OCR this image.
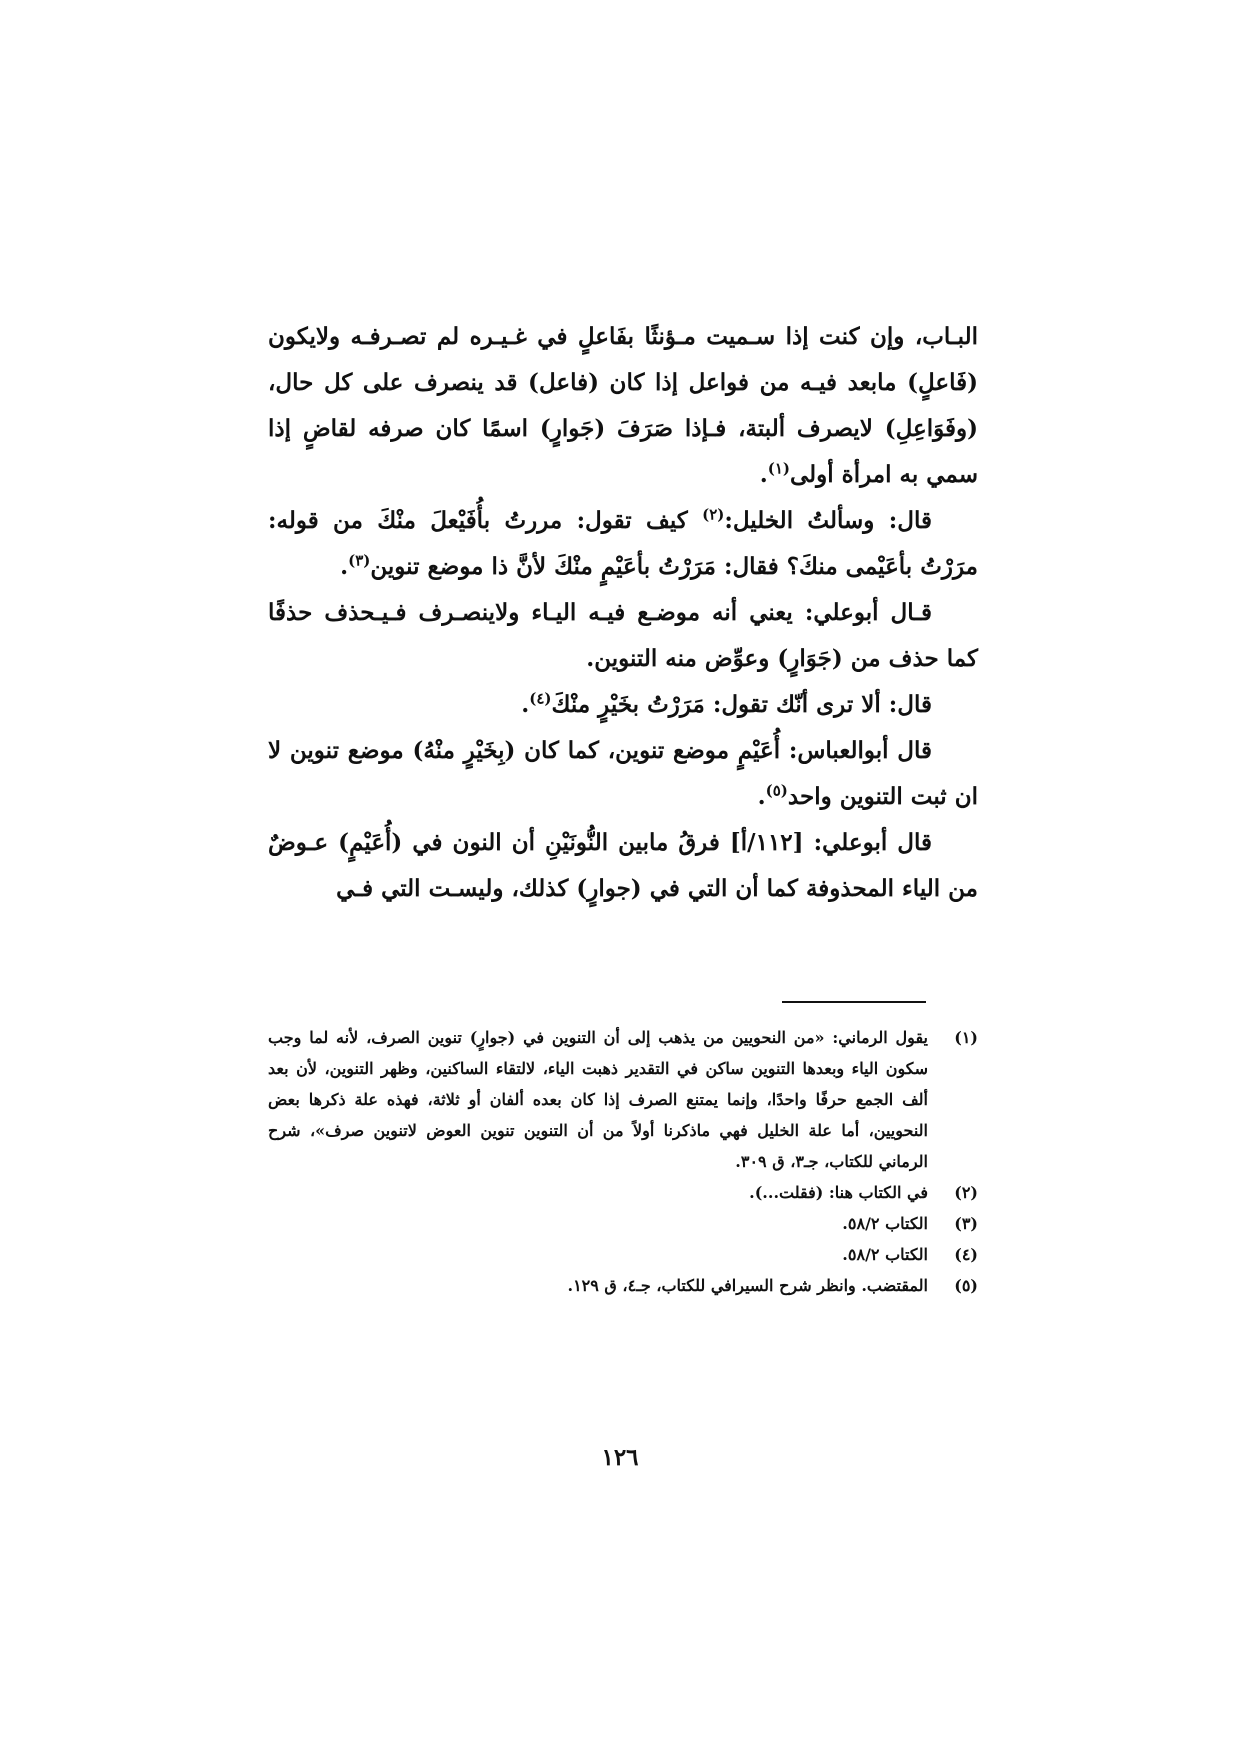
البـاب، وإن كنت إذا سـميت مـؤنثًا بفَاعلٍ في غـيـره لم تصـرفـه ولايكون (فَاعلٍ) مابعد فيـه من فواعل إذا كان (فاعل) قد ينصرف على كل حال، (وفَوَاعِلِ) لايصرف ألبتة، فـإذا صَرَفَ (جَوارٍ) اسمًا كان صرفه لقاضٍ إذا سمي به امرأة أولى$^{(١)}$.

قال: وسألتُ الخليل:$^{(٢)}$ كيف تقول: مررتُ بأُفَيْعلَ منْكَ من قوله: مرَرْتُ بأعَيْمى منكَ؟ فقال: مَرَرْتُ بأعَيْمٍ منْكَ لأنَّ ذا موضع تنوين$^{(٣)}$.

قـال أبوعلي: يعني أنه موضـع فيـه اليـاء ولاينصـرف فـيـحذف حذفًا كما حذف من (جَوَارٍ) وعوِّض منه التنوين.

قال: ألا ترى أنّك تقول: مَرَرْتُ بخَيْرٍ منْكَ$^{(٤)}$.

قال أبوالعباس: أُعَيْمٍ موضع تنوين، كما كان (بِخَيْرٍ منْهُ) موضع تنوين لا ان ثبت التنوين واحد$^{(٥)}$.

قال أبوعلي: [١١٢/أ] فرقُ مابين النُّونَيْنِ أن النون في (أُعَيْمٍ) عـوضٌ من الياء المحذوفة كما أن التي في (جوارٍ) كذلك، وليسـت التي فـي

(١)
يقول الرماني: «من النحويين من يذهب إلى أن التنوين في (جوارٍ) تنوين الصرف، لأنه لما وجب سكون الياء وبعدها التنوين ساكن في التقدير ذهبت الياء، لالتقاء الساكنين، وظهر التنوين، لأن بعد ألف الجمع حرفًا واحدًا، وإنما يمتنع الصرف إذا كان بعده ألفان أو ثلاثة، فهذه علة ذكرها بعض النحويين، أما علة الخليل فهي ماذكرنا أولاً من أن التنوين تنوين العوض لاتنوين صرف»، شرح الرماني للكتاب، جـ٣، ق ٣٠٩.
(٢)
في الكتاب هنا: (فقلت...).
(٣)
الكتاب ٥٨/٢.
(٤)
الكتاب ٥٨/٢.
(٥)
المقتضب. وانظر شرح السيرافي للكتاب، جـ٤، ق ١٢٩.
١٢٦
